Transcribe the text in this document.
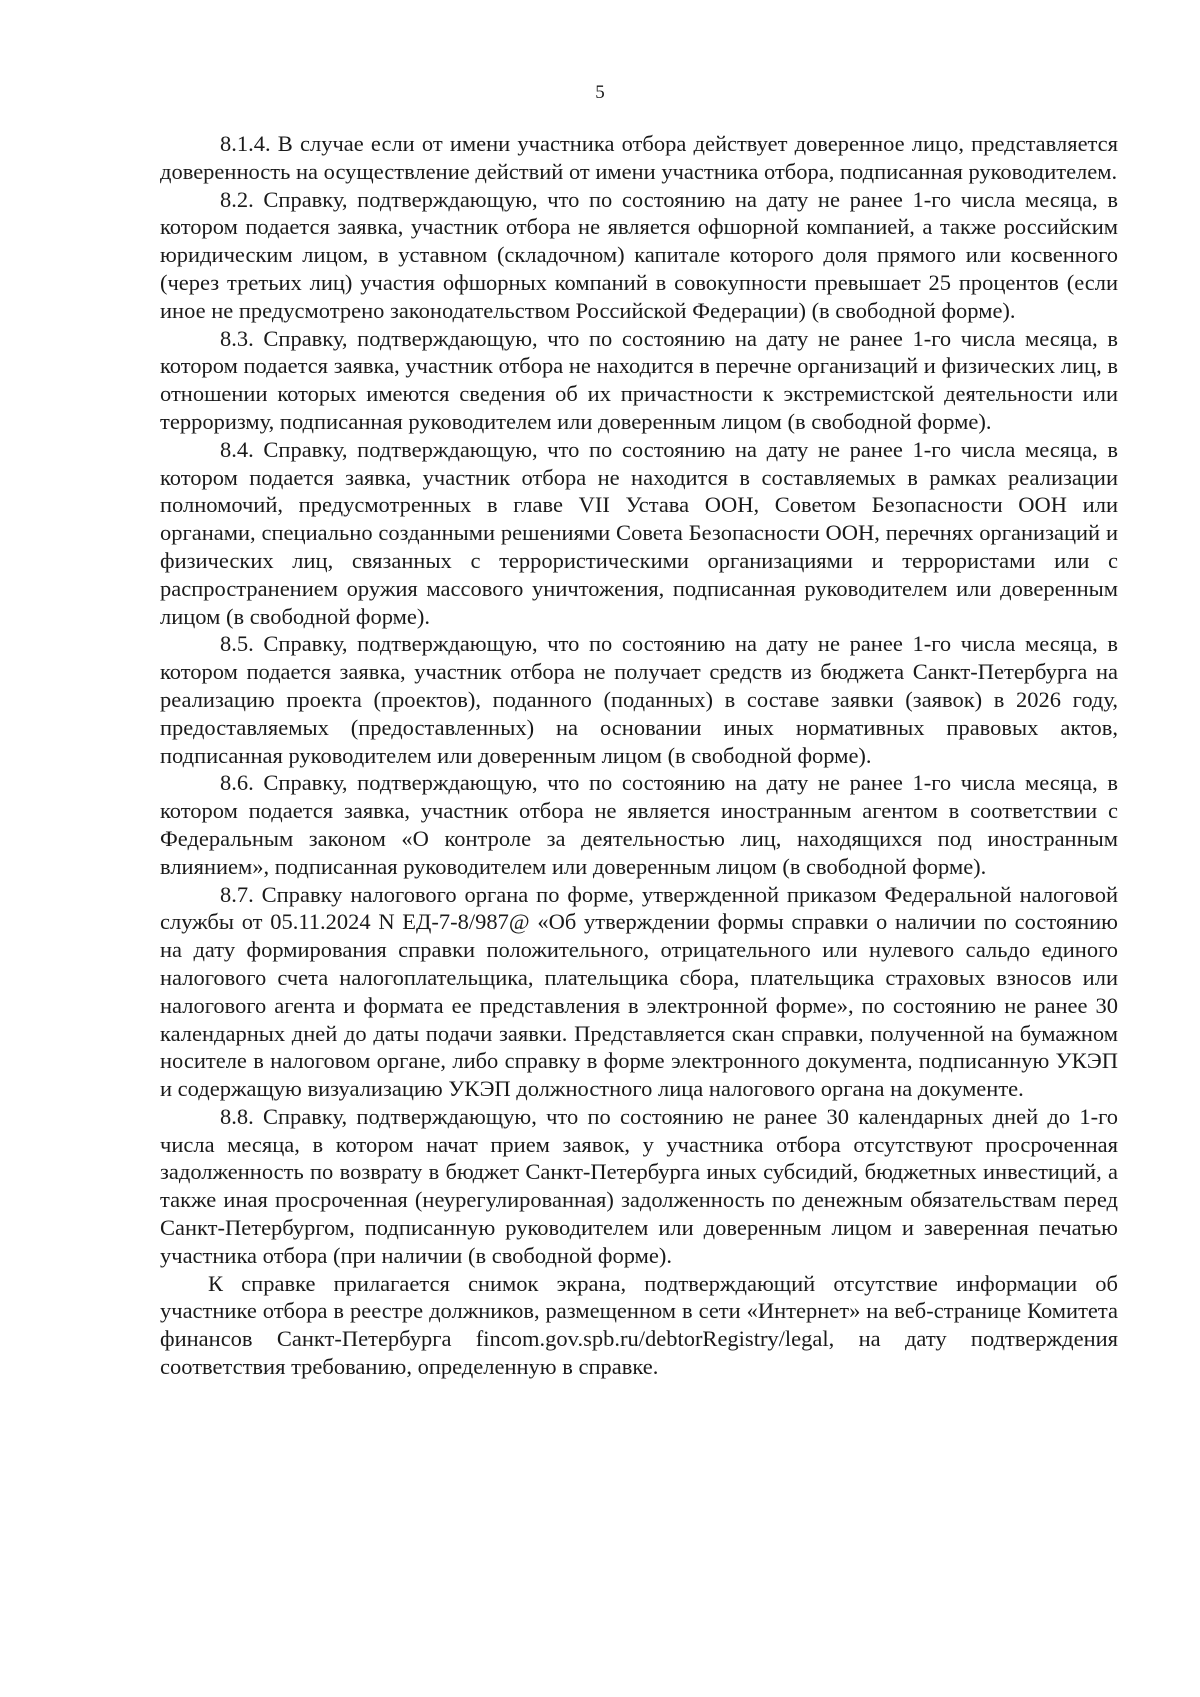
5

8.1.4. В случае если от имени участника отбора действует доверенное лицо, представляется доверенность на осуществление действий от имени участника отбора, подписанная руководителем.

8.2. Справку, подтверждающую, что по состоянию на дату не ранее 1-го числа месяца, в котором подается заявка, участник отбора не является офшорной компанией, а также российским юридическим лицом, в уставном (складочном) капитале которого доля прямого или косвенного (через третьих лиц) участия офшорных компаний в совокупности превышает 25 процентов (если иное не предусмотрено законодательством Российской Федерации) (в свободной форме).

8.3. Справку, подтверждающую, что по состоянию на дату не ранее 1-го числа месяца, в котором подается заявка, участник отбора не находится в перечне организаций и физических лиц, в отношении которых имеются сведения об их причастности к экстремистской деятельности или терроризму, подписанная руководителем или доверенным лицом (в свободной форме).

8.4. Справку, подтверждающую, что по состоянию на дату не ранее 1-го числа месяца, в котором подается заявка, участник отбора не находится в составляемых в рамках реализации полномочий, предусмотренных в главе VII Устава ООН, Советом Безопасности ООН или органами, специально созданными решениями Совета Безопасности ООН, перечнях организаций и физических лиц, связанных с террористическими организациями и террористами или с распространением оружия массового уничтожения, подписанная руководителем или доверенным лицом (в свободной форме).

8.5. Справку, подтверждающую, что по состоянию на дату не ранее 1-го числа месяца, в котором подается заявка, участник отбора не получает средств из бюджета Санкт-Петербурга на реализацию проекта (проектов), поданного (поданных) в составе заявки (заявок) в 2026 году, предоставляемых (предоставленных) на основании иных нормативных правовых актов, подписанная руководителем или доверенным лицом (в свободной форме).

8.6. Справку, подтверждающую, что по состоянию на дату не ранее 1-го числа месяца, в котором подается заявка, участник отбора не является иностранным агентом в соответствии с Федеральным законом «О контроле за деятельностью лиц, находящихся под иностранным влиянием», подписанная руководителем или доверенным лицом (в свободной форме).

8.7. Справку налогового органа по форме, утвержденной приказом Федеральной налоговой службы от 05.11.2024 N ЕД-7-8/987@ «Об утверждении формы справки о наличии по состоянию на дату формирования справки положительного, отрицательного или нулевого сальдо единого налогового счета налогоплательщика, плательщика сбора, плательщика страховых взносов или налогового агента и формата ее представления в электронной форме», по состоянию не ранее 30 календарных дней до даты подачи заявки. Представляется скан справки, полученной на бумажном носителе в налоговом органе, либо справку в форме электронного документа, подписанную УКЭП и содержащую визуализацию УКЭП должностного лица налогового органа на документе.

8.8. Справку, подтверждающую, что по состоянию не ранее 30 календарных дней до 1-го числа месяца, в котором начат прием заявок, у участника отбора отсутствуют просроченная задолженность по возврату в бюджет Санкт-Петербурга иных субсидий, бюджетных инвестиций, а также иная просроченная (неурегулированная) задолженность по денежным обязательствам перед Санкт-Петербургом, подписанную руководителем или доверенным лицом и заверенная печатью участника отбора (при наличии (в свободной форме).

К справке прилагается снимок экрана, подтверждающий отсутствие информации об участнике отбора в реестре должников, размещенном в сети «Интернет» на веб-странице Комитета финансов Санкт-Петербурга fincom.gov.spb.ru/debtorRegistry/legal, на дату подтверждения соответствия требованию, определенную в справке.
